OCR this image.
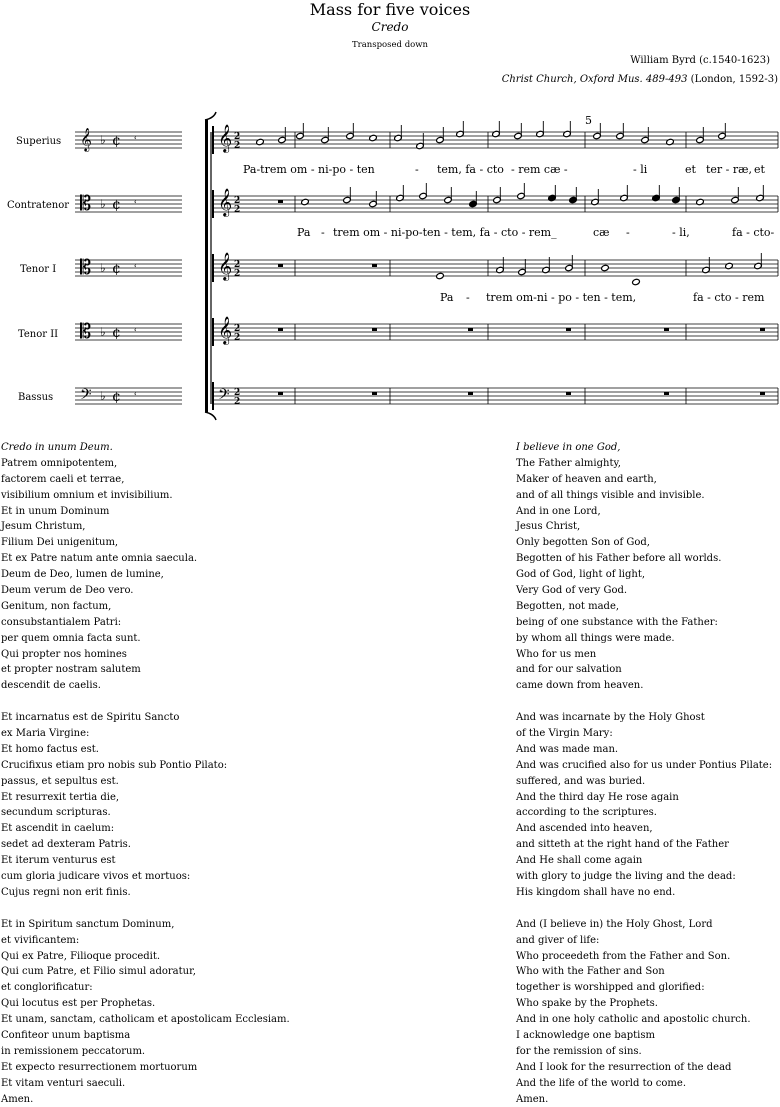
Mass for five voices
Credo
Transposed down
William Byrd (c.1540-1623)
Christ Church, Oxford Mus. 489-493 (London, 1592-3)
Superius
Contratenor
Tenor I
Tenor II
Bassus
𝄞 ♭ ¢ ʿ	𝄞 2
2
𝄡 ♭ ¢ ʿ	𝄞 2
2
𝄡 ♭ ¢ ʿ	𝄞 2
2
𝄡 ♭ ¢ ʿ	𝄞 2
2
𝄢 ♭ ¢ ʿ	𝄢 2
2
5
Pa-trem om - ni-po - ten	- tem, fa - cto - rem cæ -	- li	et ter - ræ, et
Pa - trem om - ni-po-ten - tem, fa - cto - rem_	cæ -	- li,	fa - cto-
Pa - trem om-ni - po - ten - tem,	fa - cto - rem
Credo in unum Deum.
Patrem omnipotentem,
factorem caeli et terrae,
visibilium omnium et invisibilium.
Et in unum Dominum
Jesum Christum,
Filium Dei unigenitum,
Et ex Patre natum ante omnia saecula.
Deum de Deo, lumen de lumine,
Deum verum de Deo vero.
Genitum, non factum,
consubstantialem Patri:
per quem omnia facta sunt.
Qui propter nos homines
et propter nostram salutem
descendit de caelis.
Et incarnatus est de Spiritu Sancto
ex Maria Virgine:
Et homo factus est.
Crucifixus etiam pro nobis sub Pontio Pilato:
passus, et sepultus est.
Et resurrexit tertia die,
secundum scripturas.
Et ascendit in caelum:
sedet ad dexteram Patris.
Et iterum venturus est
cum gloria judicare vivos et mortuos:
Cujus regni non erit finis.
Et in Spiritum sanctum Dominum,
et vivificantem:
Qui ex Patre, Filioque procedit.
Qui cum Patre, et Filio simul adoratur,
et conglorificatur:
Qui locutus est per Prophetas.
Et unam, sanctam, catholicam et apostolicam Ecclesiam.
Confiteor unum baptisma
in remissionem peccatorum.
Et expecto resurrectionem mortuorum
Et vitam venturi saeculi.
Amen.
I believe in one God,
The Father almighty,
Maker of heaven and earth,
and of all things visible and invisible.
And in one Lord,
Jesus Christ,
Only begotten Son of God,
Begotten of his Father before all worlds.
God of God, light of light,
Very God of very God.
Begotten, not made,
being of one substance with the Father:
by whom all things were made.
Who for us men
and for our salvation
came down from heaven.
And was incarnate by the Holy Ghost
of the Virgin Mary:
And was made man.
And was crucified also for us under Pontius Pilate:
suffered, and was buried.
And the third day He rose again
according to the scriptures.
And ascended into heaven,
and sitteth at the right hand of the Father
And He shall come again
with glory to judge the living and the dead:
His kingdom shall have no end.
And (I believe in) the Holy Ghost, Lord
and giver of life:
Who proceedeth from the Father and Son.
Who with the Father and Son
together is worshipped and glorified:
Who spake by the Prophets.
And in one holy catholic and apostolic church.
I acknowledge one baptism
for the remission of sins.
And I look for the resurrection of the dead
And the life of the world to come.
Amen.
